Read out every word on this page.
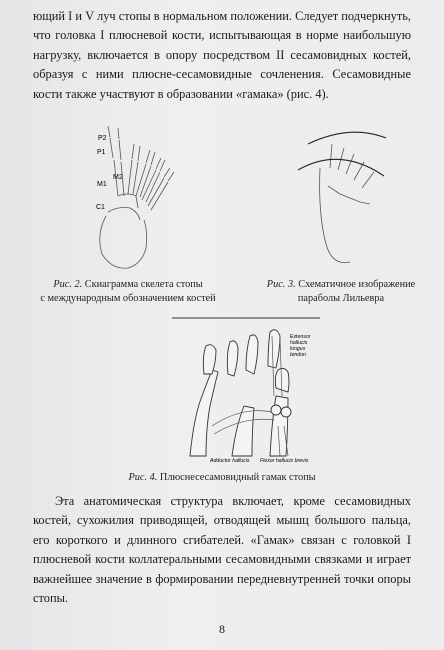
ющий I и V луч стопы в нормальном положении. Следует подчеркнуть, что головка I плюсневой кости, испытывающая в норме наибольшую нагрузку, включается в опору посредством II сесамовидных костей, образуя с ними плюсне-сесамовидные сочленения. Сесамовидные кости также участвуют в образовании «гамака» (рис. 4).

P2
P1
M2
M1
C1
Рис. 2. Скиаграмма скелета стопы
с международным обозначением костей
Рис. 3. Схематичное изображение
параболы Лильевра
Extensor
hallucis
longus
tendon
Adductor hallucis Flexor hallucis brevis
Рис. 4. Плюснесесамовидный гамак стопы

Эта анатомическая структура включает, кроме сесамовидных костей, сухожилия приводящей, отводящей мышц большого пальца, его короткого и длинного сгибателей. «Гамак» связан с головкой I плюсневой кости коллатеральными сесамовидными связками и играет важнейшее значение в формировании передневнутренней точки опоры стопы.

8
